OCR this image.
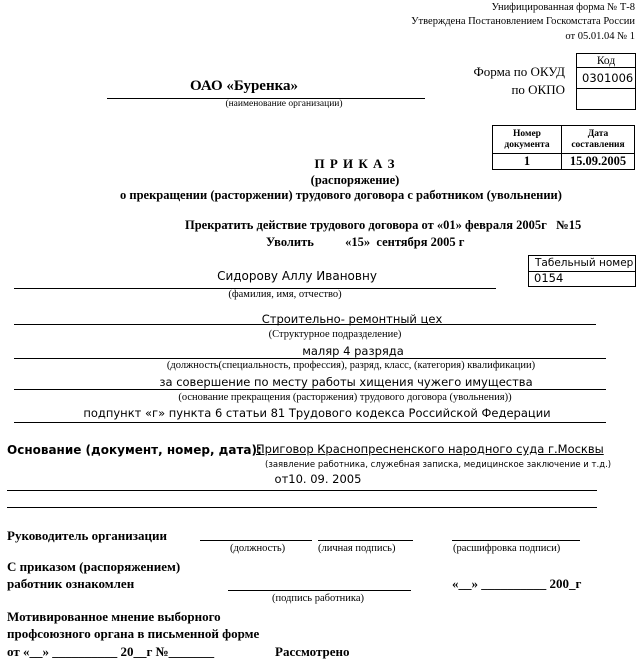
Унифицированная форма № Т-8
Утверждена Постановлением Госкомстата России
от 05.01.04 № 1
Код
0301006
Форма по ОКУД
по ОКПО
ОАО «Буренка»
(наименование организации)
Номер
документа	Дата
составления
1	15.09.2005
П Р И К А З
(распоряжение)
о прекращении (расторжении) трудового договора с работником (увольнении)
Прекратить действие трудового договора от «01» февраля 2005г   №15
Уволить          «15»  сентября 2005 г
Табельный номер
0154
Сидорову Аллу Ивановну
(фамилия, имя, отчество)
Строительно- ремонтный цех
(Структурное подразделение)
маляр 4 разряда
(должность(специальность, профессия), разряд, класс, (категория) квалификации)
за совершение по месту работы хищения чужего имущества
(основание прекращения (расторжения) трудового договора (увольнения))
подпункт «г» пункта 6 статьи 81 Трудового кодекса Российской Федерации
Основание (документ, номер, дата):
Приговор Краснопресненского народного суда г.Москвы
(заявление работника, служебная записка, медицинское заключение и т.д.)
от10. 09. 2005
Руководитель организации
(должность)	(личная подпись)	(расшифровка подписи)
С приказом (распоряжением)
работник ознакомлен	«__» __________ 200_г
(подпись работника)
Мотивированное мнение выборного
профсоюзного органа в письменной форме
от «__» __________ 20__г №_______	Рассмотрено
